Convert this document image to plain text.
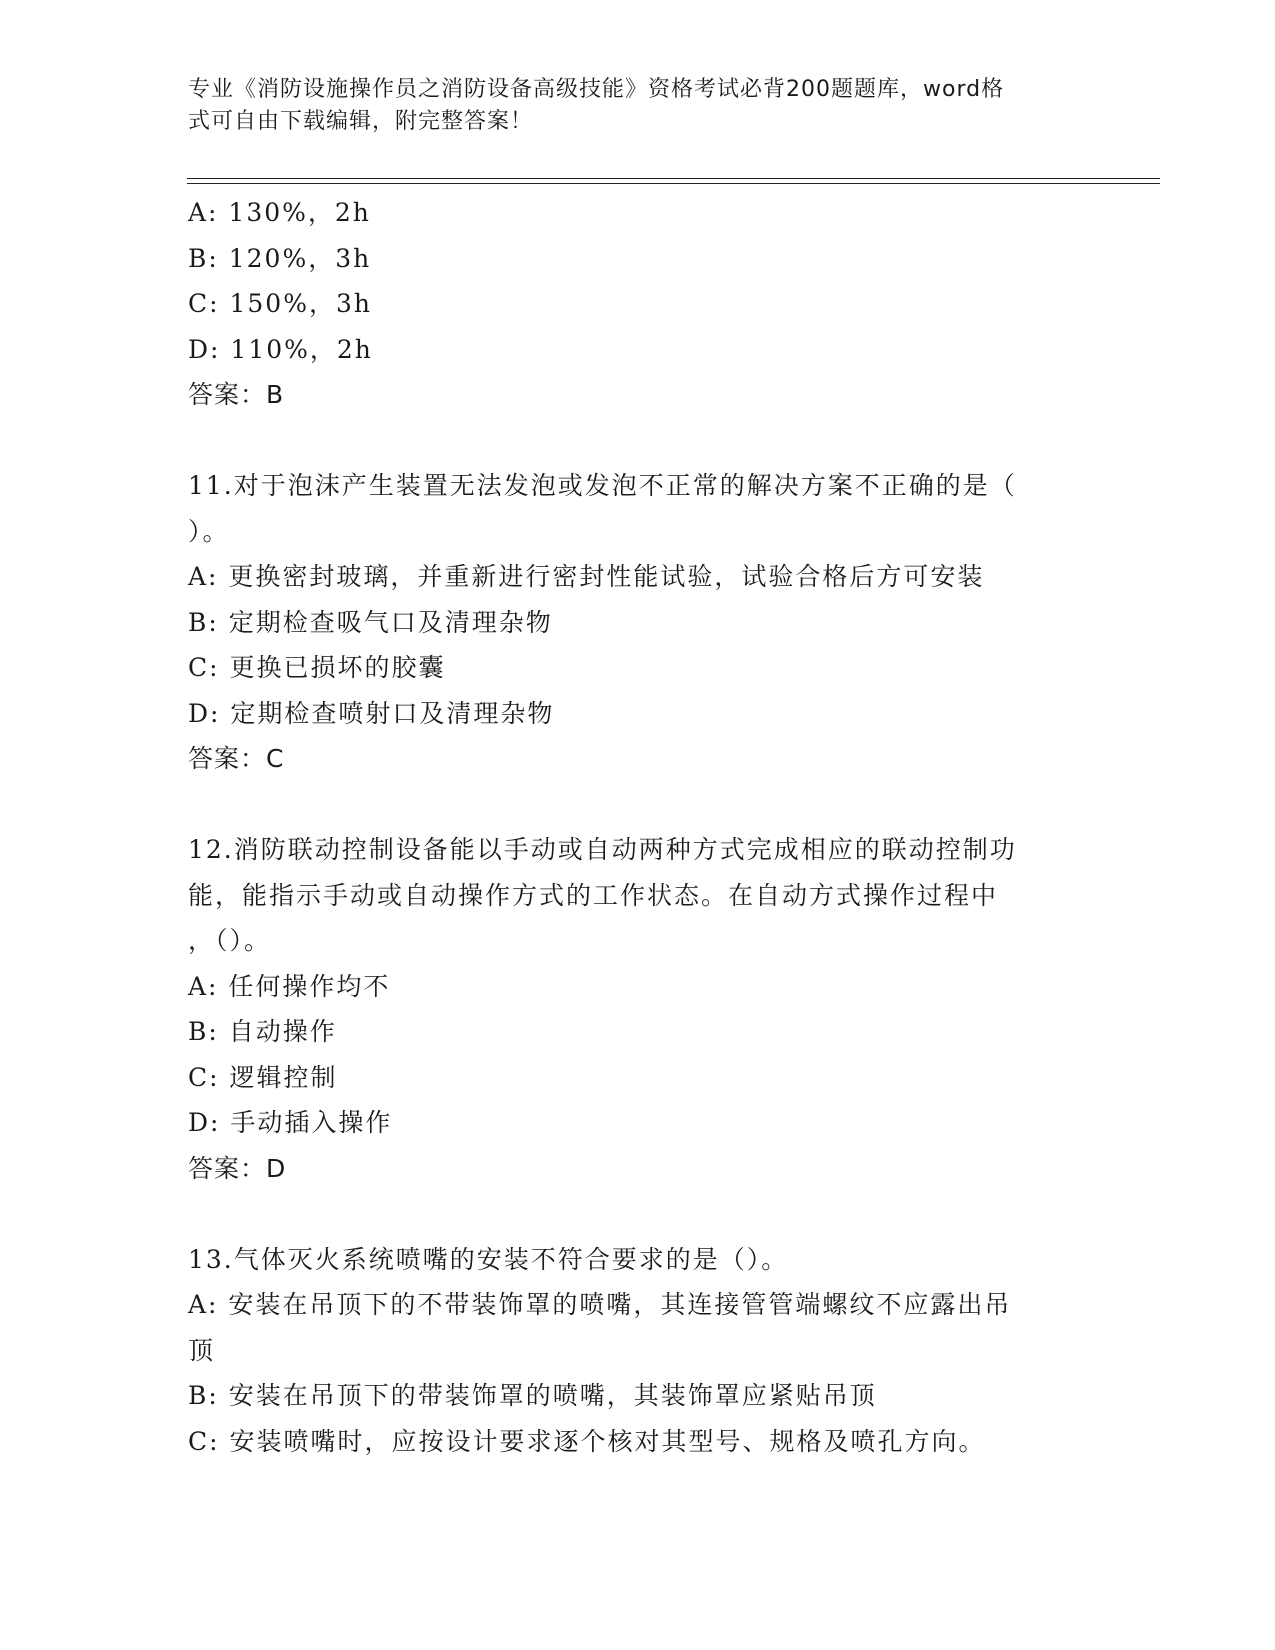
专业《消防设施操作员之消防设备高级技能》资格考试必背200题题库，word格
式可自由下载编辑，附完整答案！
A: 130%，2h
B: 120%，3h
C: 150%，3h
D: 110%，2h
答案：B
11.对于泡沫产生装置无法发泡或发泡不正常的解决方案不正确的是（
）。
A: 更换密封玻璃，并重新进行密封性能试验，试验合格后方可安装
B: 定期检查吸气口及清理杂物
C: 更换已损坏的胶囊
D: 定期检查喷射口及清理杂物
答案：C
12.消防联动控制设备能以手动或自动两种方式完成相应的联动控制功
能，能指示手动或自动操作方式的工作状态。在自动方式操作过程中
，（）。
A: 任何操作均不
B: 自动操作
C: 逻辑控制
D: 手动插入操作
答案：D
13.气体灭火系统喷嘴的安装不符合要求的是（）。
A: 安装在吊顶下的不带装饰罩的喷嘴，其连接管管端螺纹不应露出吊
顶
B: 安装在吊顶下的带装饰罩的喷嘴，其装饰罩应紧贴吊顶
C: 安装喷嘴时，应按设计要求逐个核对其型号、规格及喷孔方向。
